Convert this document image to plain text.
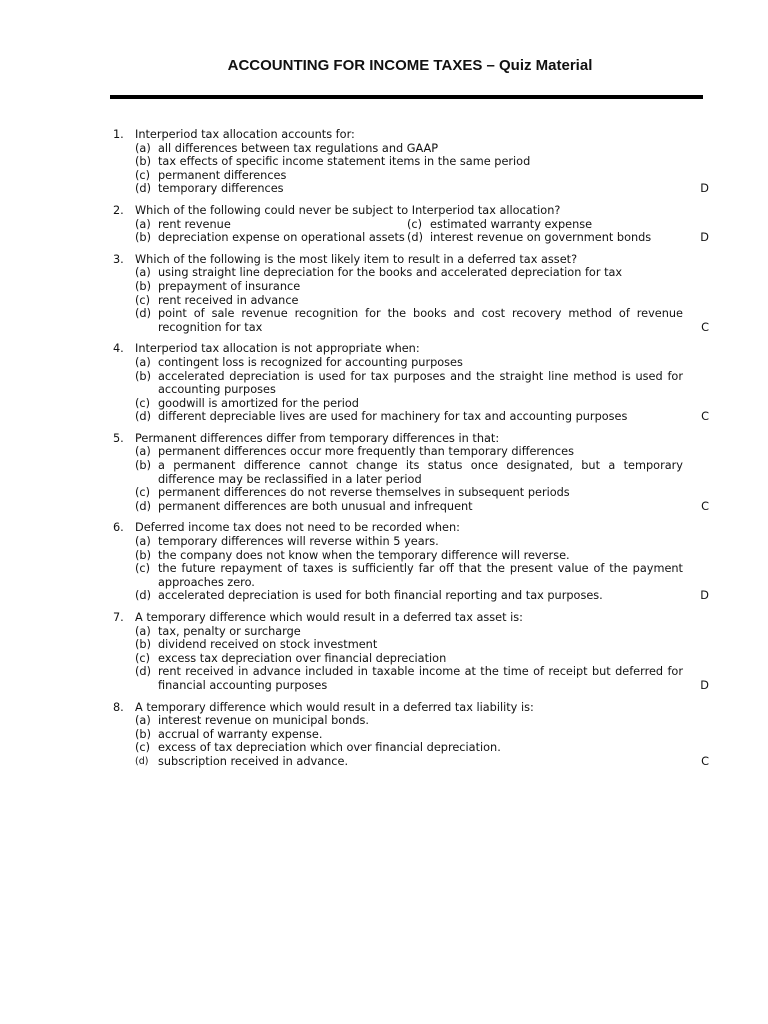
ACCOUNTING FOR INCOME TAXES – Quiz Material
1. Interperiod tax allocation accounts for:
(a) all differences between tax regulations and GAAP
(b) tax effects of specific income statement items in the same period
(c) permanent differences
(d) temporary differences	D
2. Which of the following could never be subject to Interperiod tax allocation?
(a) rent revenue	(c) estimated warranty expense
(b) depreciation expense on operational assets (d) interest revenue on government bonds	D
3. Which of the following is the most likely item to result in a deferred tax asset?
(a) using straight line depreciation for the books and accelerated depreciation for tax
(b) prepayment of insurance
(c) rent received in advance
(d) point of sale revenue recognition for the books and cost recovery method of revenue recognition for tax	C
4. Interperiod tax allocation is not appropriate when:
(a) contingent loss is recognized for accounting purposes
(b) accelerated depreciation is used for tax purposes and the straight line method is used for accounting purposes
(c) goodwill is amortized for the period
(d) different depreciable lives are used for machinery for tax and accounting purposes	C
5. Permanent differences differ from temporary differences in that:
(a) permanent differences occur more frequently than temporary differences
(b) a permanent difference cannot change its status once designated, but a temporary difference may be reclassified in a later period
(c) permanent differences do not reverse themselves in subsequent periods
(d) permanent differences are both unusual and infrequent	C
6. Deferred income tax does not need to be recorded when:
(a) temporary differences will reverse within 5 years.
(b) the company does not know when the temporary difference will reverse.
(c) the future repayment of taxes is sufficiently far off that the present value of the payment approaches zero.
(d) accelerated depreciation is used for both financial reporting and tax purposes.	D
7. A temporary difference which would result in a deferred tax asset is:
(a) tax, penalty or surcharge
(b) dividend received on stock investment
(c) excess tax depreciation over financial depreciation
(d) rent received in advance included in taxable income at the time of receipt but deferred for financial accounting purposes	D
8. A temporary difference which would result in a deferred tax liability is:
(a) interest revenue on municipal bonds.
(b) accrual of warranty expense.
(c) excess of tax depreciation which over financial depreciation.
(d) subscription received in advance.	C
